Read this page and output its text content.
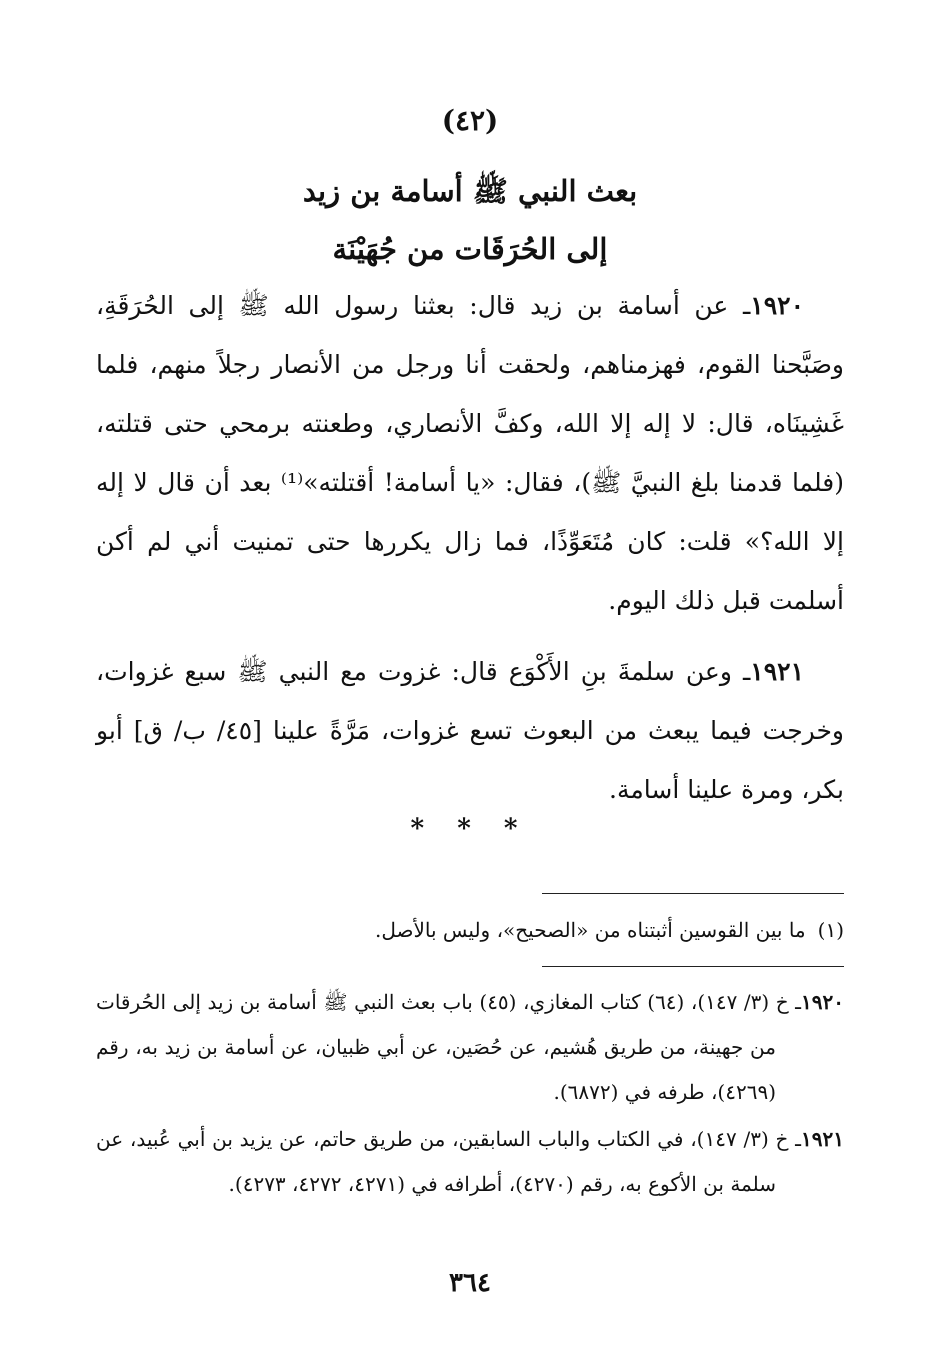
(٤٢)
بعث النبي ﷺ أسامة بن زيد
إلى الحُرَقَات من جُهَيْنَة

١٩٢٠ـ عن أسامة بن زيد قال: بعثنا رسول الله ﷺ إلى الحُرَقَةِ، وصَبَّحنا القوم، فهزمناهم، ولحقت أنا ورجل من الأنصار رجلاً منهم، فلما غَشِينَاه، قال: لا إله إلا الله، وكفَّ الأنصاري، وطعنته برمحي حتى قتلته، (فلما قدمنا بلغ النبيَّ ﷺ)، فقال: «يا أسامة! أقتلته»⁽¹⁾ بعد أن قال لا إله إلا الله؟» قلت: كان مُتَعَوِّذًا، فما زال يكررها حتى تمنيت أني لم أكن أسلمت قبل ذلك اليوم.

١٩٢١ـ وعن سلمةَ بنِ الأَكْوَع قال: غزوت مع النبي ﷺ سبع غزوات، وخرجت فيما يبعث من البعوث تسع غزوات، مَرَّةً علينا [٤٥/ ب/ ق] أبو بكر، ومرة علينا أسامة.

* * *
(١)ما بين القوسين أثبتناه من «الصحيح»، وليس بالأصل.

١٩٢٠ـ خ (٣/ ١٤٧)، (٦٤) كتاب المغازي، (٤٥) باب بعث النبي ﷺ أسامة بن زيد إلى الحُرقات من جهينة، من طريق هُشيم، عن حُصَين، عن أبي ظبيان، عن أسامة بن زيد به، رقم (٤٢٦٩)، طرفه في (٦٨٧٢).

١٩٢١ـ خ (٣/ ١٤٧)، في الكتاب والباب السابقين، من طريق حاتم، عن يزيد بن أبي عُبيد، عن سلمة بن الأكوع به، رقم (٤٢٧٠)، أطرافه في (٤٢٧١، ٤٢٧٢، ٤٢٧٣).

٣٦٤
